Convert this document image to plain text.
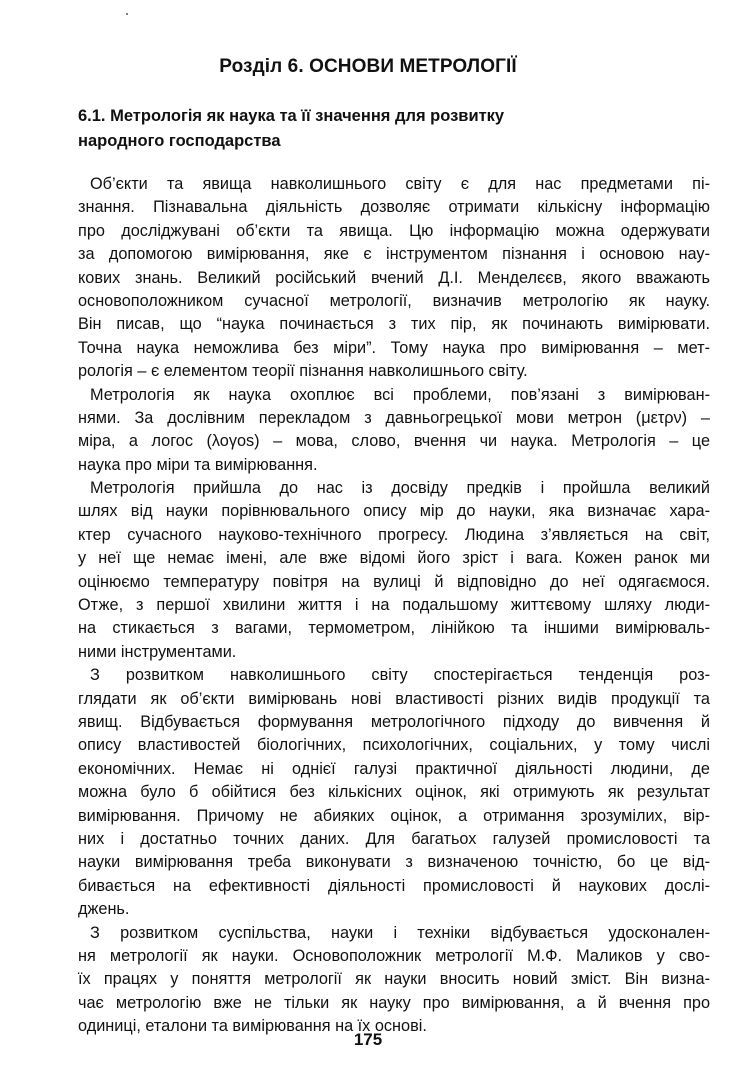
Розділ 6. ОСНОВИ МЕТРОЛОГІЇ
6.1. Метрологія як наука та її значення для розвитку
народного господарства
Об’єкти та явища навколишнього світу є для нас предметами пі-
знання. Пізнавальна діяльність дозволяє отримати кількісну інформацію
про досліджувані об’єкти та явища. Цю інформацію можна одержувати
за допомогою вимірювання, яке є інструментом пізнання і основою нау-
кових знань. Великий російський вчений Д.І. Менделєєв, якого вважають
основоположником сучасної метрології, визначив метрологію як науку.
Він писав, що “наука починається з тих пір, як починають вимірювати.
Точна наука неможлива без міри”. Тому наука про вимірювання – мет-
рологія – є елементом теорії пізнання навколишнього світу.
Метрологія як наука охоплює всі проблеми, пов’язані з вимірюван-
нями. За дослівним перекладом з давньогрецької мови метрон (μετρν) –
міра, а логос (λογos) – мова, слово, вчення чи наука. Метрологія – це
наука про міри та вимірювання.
Метрологія прийшла до нас із досвіду предків і пройшла великий
шлях від науки порівнювального опису мір до науки, яка визначає хара-
ктер сучасного науково-технічного прогресу. Людина з’являється на світ,
у неї ще немає імені, але вже відомі його зріст і вага. Кожен ранок ми
оцінюємо температуру повітря на вулиці й відповідно до неї одягаємося.
Отже, з першої хвилини життя і на подальшому життєвому шляху люди-
на стикається з вагами, термометром, лінійкою та іншими вимірюваль-
ними інструментами.
З розвитком навколишнього світу спостерігається тенденція роз-
глядати як об’єкти вимірювань нові властивості різних видів продукції та
явищ. Відбувається формування метрологічного підходу до вивчення й
опису властивостей біологічних, психологічних, соціальних, у тому числі
економічних. Немає ні однієї галузі практичної діяльності людини, де
можна було б обійтися без кількісних оцінок, які отримують як результат
вимірювання. Причому не абияких оцінок, а отримання зрозумілих, вір-
них і достатньо точних даних. Для багатьох галузей промисловості та
науки вимірювання треба виконувати з визначеною точністю, бо це від-
бивається на ефективності діяльності промисловості й наукових дослі-
джень.
З розвитком суспільства, науки і техніки відбувається удосконален-
ня метрології як науки. Основоположник метрології М.Ф. Маликов у сво-
їх працях у поняття метрології як науки вносить новий зміст. Він визна-
чає метрологію вже не тільки як науку про вимірювання, а й вчення про
одиниці, еталони та вимірювання на їх основі.
175
